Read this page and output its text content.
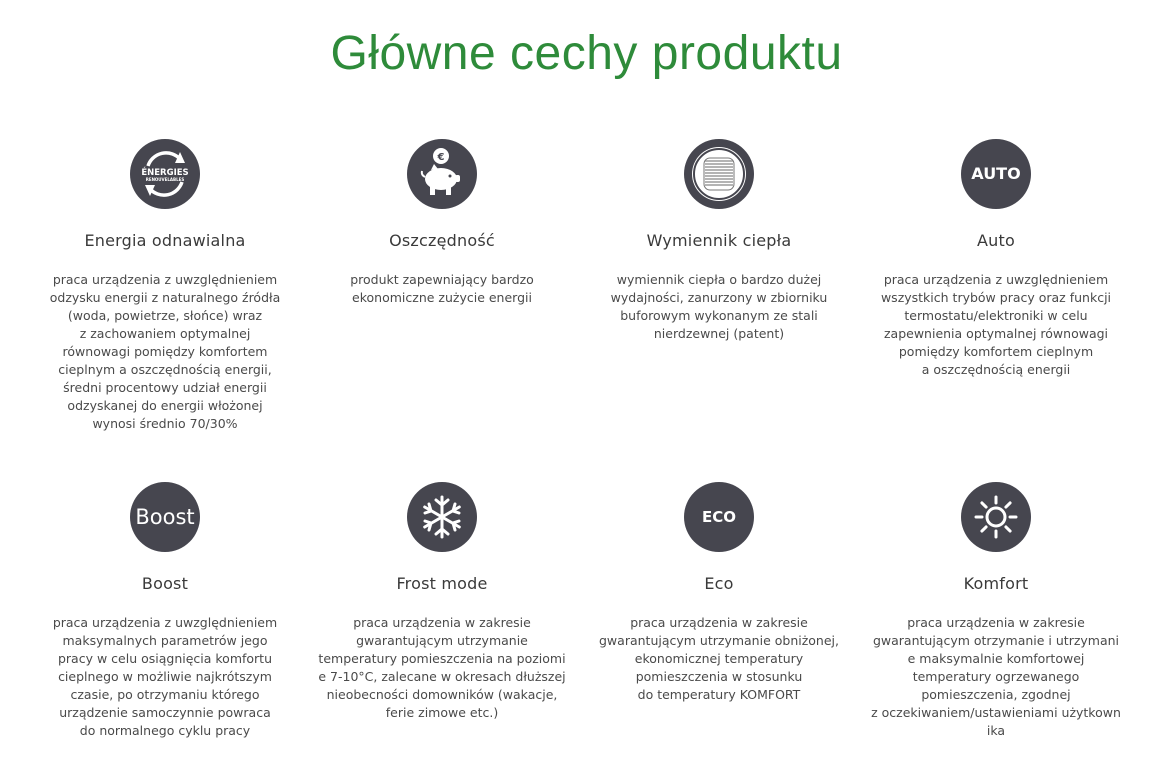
Główne cechy produktu
ÉNERGIES
RENOUVELABLES
Energia odnawialna
praca urządzenia z uwzględnieniem
odzysku energii z naturalnego źródła
(woda, powietrze, słońce) wraz
z zachowaniem optymalnej
równowagi pomiędzy komfortem
cieplnym a oszczędnością energii,
średni procentowy udział energii
odzyskanej do energii włożonej
wynosi średnio 70/30%
€
Oszczędność
produkt zapewniający bardzo
ekonomiczne zużycie energii
Wymiennik ciepła
wymiennik ciepła o bardzo dużej
wydajności, zanurzony w zbiorniku
buforowym wykonanym ze stali
nierdzewnej (patent)
AUTO
Auto
praca urządzenia z uwzględnieniem
wszystkich trybów pracy oraz funkcji
termostatu/elektroniki w celu
zapewnienia optymalnej równowagi
pomiędzy komfortem cieplnym
a oszczędnością energii
Boost
Boost
praca urządzenia z uwzględnieniem
maksymalnych parametrów jego
pracy w celu osiągnięcia komfortu
cieplnego w możliwie najkrótszym
czasie, po otrzymaniu którego
urządzenie samoczynnie powraca
do normalnego cyklu pracy
Frost mode
praca urządzenia w zakresie
gwarantującym utrzymanie
temperatury pomieszczenia na poziomi
e 7-10°C, zalecane w okresach dłuższej
nieobecności domowników (wakacje,
ferie zimowe etc.)
ECO
Eco
praca urządzenia w zakresie
gwarantującym utrzymanie obniżonej,
ekonomicznej temperatury
pomieszczenia w stosunku
do temperatury KOMFORT
Komfort
praca urządzenia w zakresie
gwarantującym otrzymanie i utrzymani
e maksymalnie komfortowej
temperatury ogrzewanego
pomieszczenia, zgodnej
z oczekiwaniem/ustawieniami użytkown
ika
